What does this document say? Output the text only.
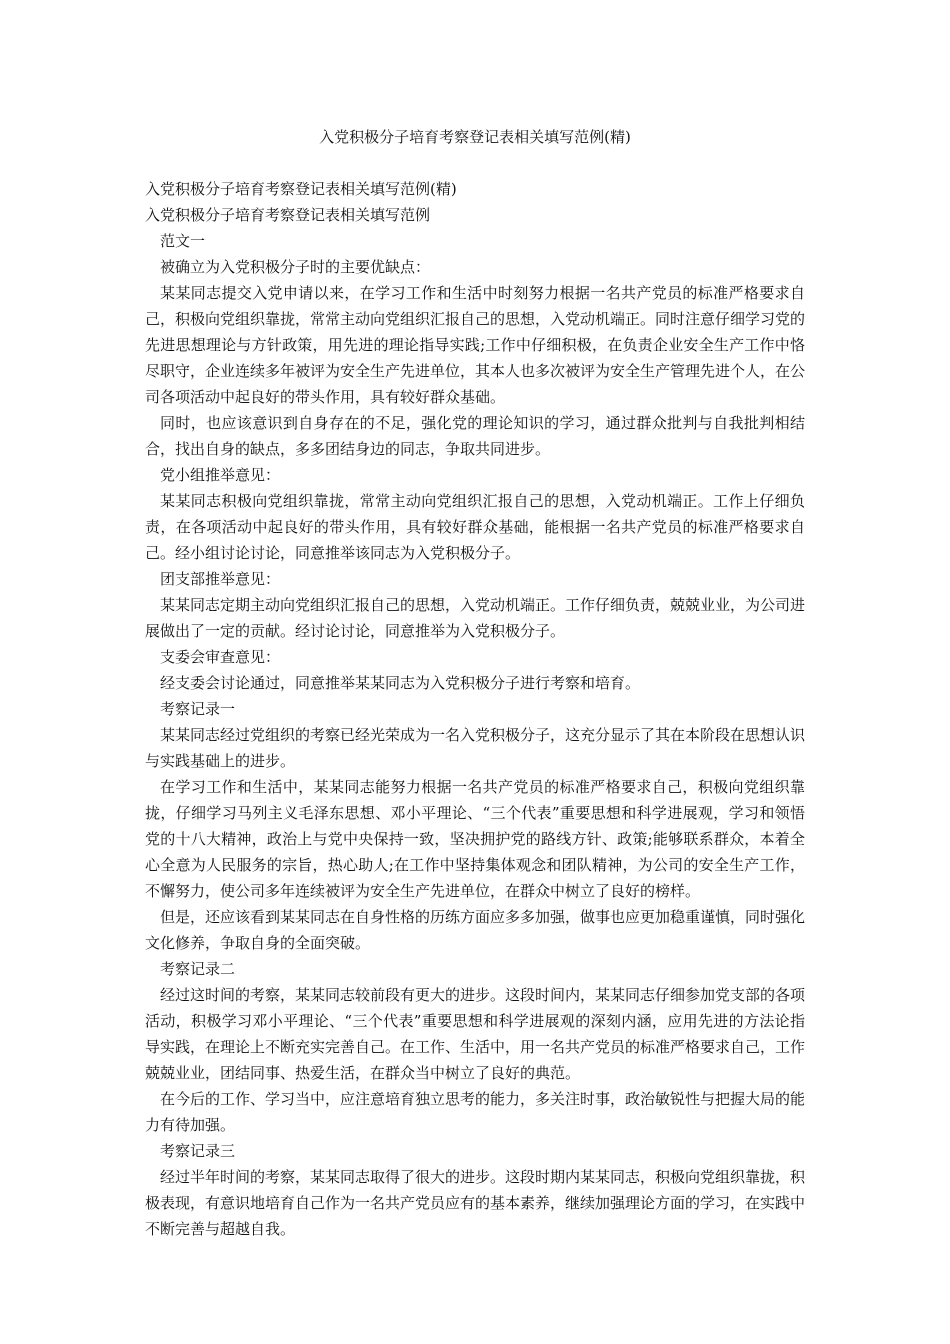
入党积极分子培育考察登记表相关填写范例(精)

入党积极分子培育考察登记表相关填写范例(精)

入党积极分子培育考察登记表相关填写范例

范文一

被确立为入党积极分子时的主要优缺点：

某某同志提交入党申请以来，在学习工作和生活中时刻努力根据一名共产党员的标准严格要求自己，积极向党组织靠拢，常常主动向党组织汇报自己的思想，入党动机端正。同时注意仔细学习党的先进思想理论与方针政策，用先进的理论指导实践;工作中仔细积极，在负责企业安全生产工作中恪尽职守，企业连续多年被评为安全生产先进单位，其本人也多次被评为安全生产管理先进个人，在公司各项活动中起良好的带头作用，具有较好群众基础。

同时，也应该意识到自身存在的不足，强化党的理论知识的学习，通过群众批判与自我批判相结合，找出自身的缺点，多多团结身边的同志，争取共同进步。

党小组推举意见：

某某同志积极向党组织靠拢，常常主动向党组织汇报自己的思想，入党动机端正。工作上仔细负责，在各项活动中起良好的带头作用，具有较好群众基础，能根据一名共产党员的标准严格要求自己。经小组讨论讨论，同意推举该同志为入党积极分子。

团支部推举意见：

某某同志定期主动向党组织汇报自己的思想，入党动机端正。工作仔细负责，兢兢业业，为公司进展做出了一定的贡献。经讨论讨论，同意推举为入党积极分子。

支委会审查意见：

经支委会讨论通过，同意推举某某同志为入党积极分子进行考察和培育。

考察记录一

某某同志经过党组织的考察已经光荣成为一名入党积极分子，这充分显示了其在本阶段在思想认识与实践基础上的进步。

在学习工作和生活中，某某同志能努力根据一名共产党员的标准严格要求自己，积极向党组织靠拢，仔细学习马列主义毛泽东思想、邓小平理论、“三个代表”重要思想和科学进展观，学习和领悟党的十八大精神，政治上与党中央保持一致，坚决拥护党的路线方针、政策;能够联系群众，本着全心全意为人民服务的宗旨，热心助人;在工作中坚持集体观念和团队精神，为公司的安全生产工作，不懈努力，使公司多年连续被评为安全生产先进单位，在群众中树立了良好的榜样。

但是，还应该看到某某同志在自身性格的历练方面应多多加强，做事也应更加稳重谨慎，同时强化文化修养，争取自身的全面突破。

考察记录二

经过这时间的考察，某某同志较前段有更大的进步。这段时间内，某某同志仔细参加党支部的各项活动，积极学习邓小平理论、“三个代表”重要思想和科学进展观的深刻内涵，应用先进的方法论指导实践，在理论上不断充实完善自己。在工作、生活中，用一名共产党员的标准严格要求自己，工作兢兢业业，团结同事、热爱生活，在群众当中树立了良好的典范。

在今后的工作、学习当中，应注意培育独立思考的能力，多关注时事，政治敏锐性与把握大局的能力有待加强。

考察记录三

经过半年时间的考察，某某同志取得了很大的进步。这段时期内某某同志，积极向党组织靠拢，积极表现，有意识地培育自己作为一名共产党员应有的基本素养，继续加强理论方面的学习，在实践中不断完善与超越自我。
